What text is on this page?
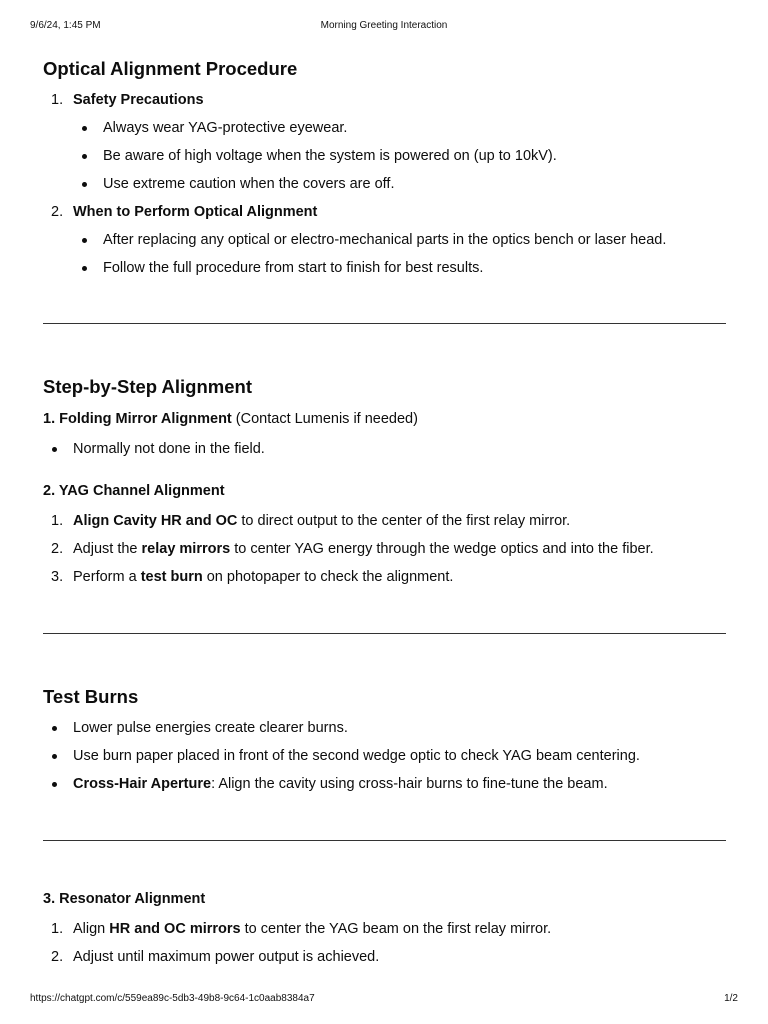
9/6/24, 1:45 PM	Morning Greeting Interaction
Optical Alignment Procedure
1. Safety Precautions
Always wear YAG-protective eyewear.
Be aware of high voltage when the system is powered on (up to 10kV).
Use extreme caution when the covers are off.
2. When to Perform Optical Alignment
After replacing any optical or electro-mechanical parts in the optics bench or laser head.
Follow the full procedure from start to finish for best results.
Step-by-Step Alignment
1. Folding Mirror Alignment (Contact Lumenis if needed)
Normally not done in the field.
2. YAG Channel Alignment
1. Align Cavity HR and OC to direct output to the center of the first relay mirror.
2. Adjust the relay mirrors to center YAG energy through the wedge optics and into the fiber.
3. Perform a test burn on photopaper to check the alignment.
Test Burns
Lower pulse energies create clearer burns.
Use burn paper placed in front of the second wedge optic to check YAG beam centering.
Cross-Hair Aperture: Align the cavity using cross-hair burns to fine-tune the beam.
3. Resonator Alignment
1. Align HR and OC mirrors to center the YAG beam on the first relay mirror.
2. Adjust until maximum power output is achieved.
https://chatgpt.com/c/559ea89c-5db3-49b8-9c64-1c0aab8384a7	1/2
